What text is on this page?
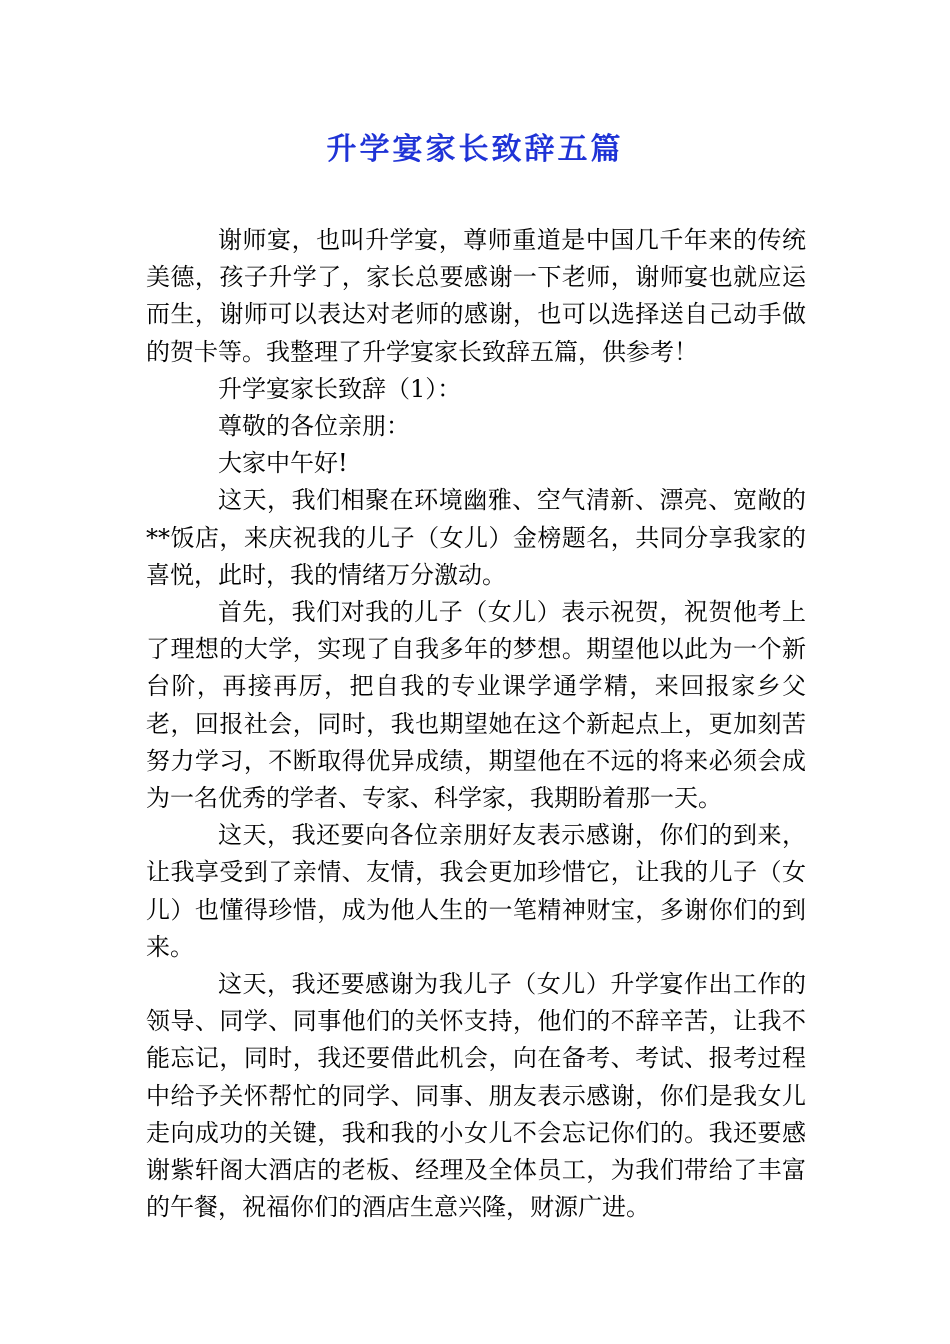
升学宴家长致辞五篇

谢师宴，也叫升学宴，尊师重道是中国几千年来的传统美德，孩子升学了，家长总要感谢一下老师，谢师宴也就应运而生，谢师可以表达对老师的感谢，也可以选择送自己动手做的贺卡等。我整理了升学宴家长致辞五篇，供参考！

升学宴家长致辞（1）：

尊敬的各位亲朋：

大家中午好!

这天，我们相聚在环境幽雅、空气清新、漂亮、宽敞的**饭店，来庆祝我的儿子（女儿）金榜题名，共同分享我家的喜悦，此时，我的情绪万分激动。

首先，我们对我的儿子（女儿）表示祝贺，祝贺他考上了理想的大学，实现了自我多年的梦想。期望他以此为一个新台阶，再接再厉，把自我的专业课学通学精，来回报家乡父老，回报社会，同时，我也期望她在这个新起点上，更加刻苦努力学习，不断取得优异成绩，期望他在不远的将来必须会成为一名优秀的学者、专家、科学家，我期盼着那一天。

这天，我还要向各位亲朋好友表示感谢，你们的到来，让我享受到了亲情、友情，我会更加珍惜它，让我的儿子（女儿）也懂得珍惜，成为他人生的一笔精神财宝，多谢你们的到来。

这天，我还要感谢为我儿子（女儿）升学宴作出工作的领导、同学、同事他们的关怀支持，他们的不辞辛苦，让我不能忘记，同时，我还要借此机会，向在备考、考试、报考过程中给予关怀帮忙的同学、同事、朋友表示感谢，你们是我女儿走向成功的关键，我和我的小女儿不会忘记你们的。我还要感谢紫轩阁大酒店的老板、经理及全体员工，为我们带给了丰富的午餐，祝福你们的酒店生意兴隆，财源广进。
